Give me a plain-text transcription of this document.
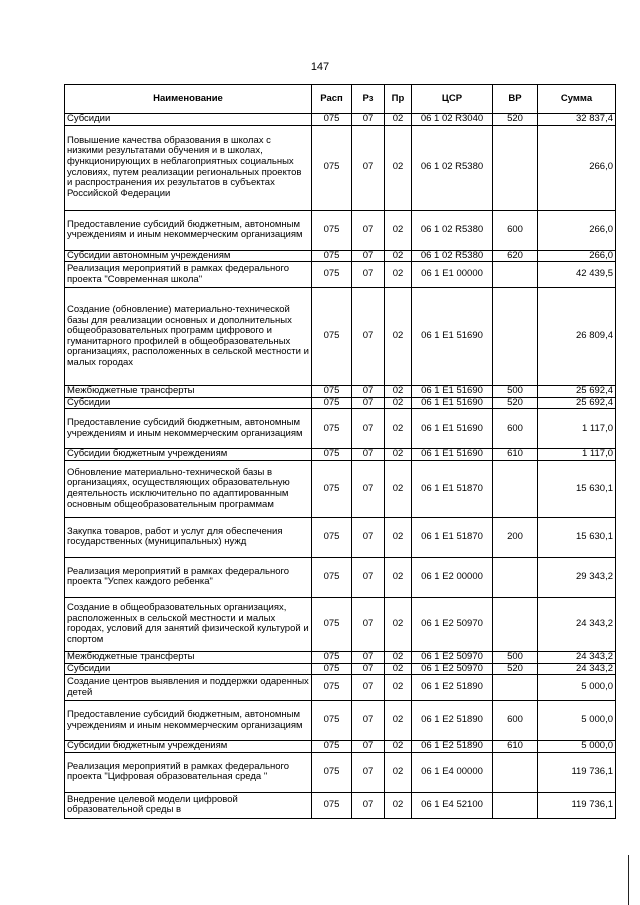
147
Наименование	Расп	Рз	Пр	ЦСР	ВР	Сумма
Субсидии	075	07	02	06 1 02 R3040	520	32 837,4
Повышение качества образования в школах с низкими результатами обучения и в школах, функционирующих в неблагоприятных социальных условиях, путем реализации региональных проектов и распространения их результатов в субъектах Российской Федерации	075	07	02	06 1 02 R5380		266,0
Предоставление субсидий бюджетным, автономным учреждениям и иным некоммерческим организациям	075	07	02	06 1 02 R5380	600	266,0
Субсидии автономным учреждениям	075	07	02	06 1 02 R5380	620	266,0
Реализация мероприятий в рамках федерального проекта "Современная школа"	075	07	02	06 1 E1 00000		42 439,5
Создание (обновление) материально-технической базы для реализации основных и дополнительных общеобразовательных программ цифрового и гуманитарного профилей в общеобразовательных организациях, расположенных в сельской местности и малых городах	075	07	02	06 1 E1 51690		26 809,4
Межбюджетные трансферты	075	07	02	06 1 E1 51690	500	25 692,4
Субсидии	075	07	02	06 1 E1 51690	520	25 692,4
Предоставление субсидий бюджетным, автономным учреждениям и иным некоммерческим организациям	075	07	02	06 1 E1 51690	600	1 117,0
Субсидии бюджетным учреждениям	075	07	02	06 1 E1 51690	610	1 117,0
Обновление материально-технической базы в организациях, осуществляющих образовательную деятельность исключительно по адаптированным основным общеобразовательным программам	075	07	02	06 1 E1 51870		15 630,1
Закупка товаров, работ и услуг для обеспечения государственных (муниципальных) нужд	075	07	02	06 1 E1 51870	200	15 630,1
Реализация мероприятий в рамках федерального проекта "Успех каждого ребенка"	075	07	02	06 1 E2 00000		29 343,2
Создание в общеобразовательных организациях, расположенных в сельской местности и малых городах, условий для занятий физической культурой и спортом	075	07	02	06 1 E2 50970		24 343,2
Межбюджетные трансферты	075	07	02	06 1 E2 50970	500	24 343,2
Субсидии	075	07	02	06 1 E2 50970	520	24 343,2
Создание центров выявления и поддержки одаренных детей	075	07	02	06 1 E2 51890		5 000,0
Предоставление субсидий бюджетным, автономным учреждениям и иным некоммерческим организациям	075	07	02	06 1 E2 51890	600	5 000,0
Субсидии бюджетным учреждениям	075	07	02	06 1 E2 51890	610	5 000,0
Реализация мероприятий в рамках федерального проекта "Цифровая образовательная среда "	075	07	02	06 1 E4 00000		119 736,1
Внедрение целевой модели цифровой образовательной среды в	075	07	02	06 1 E4 52100		119 736,1
